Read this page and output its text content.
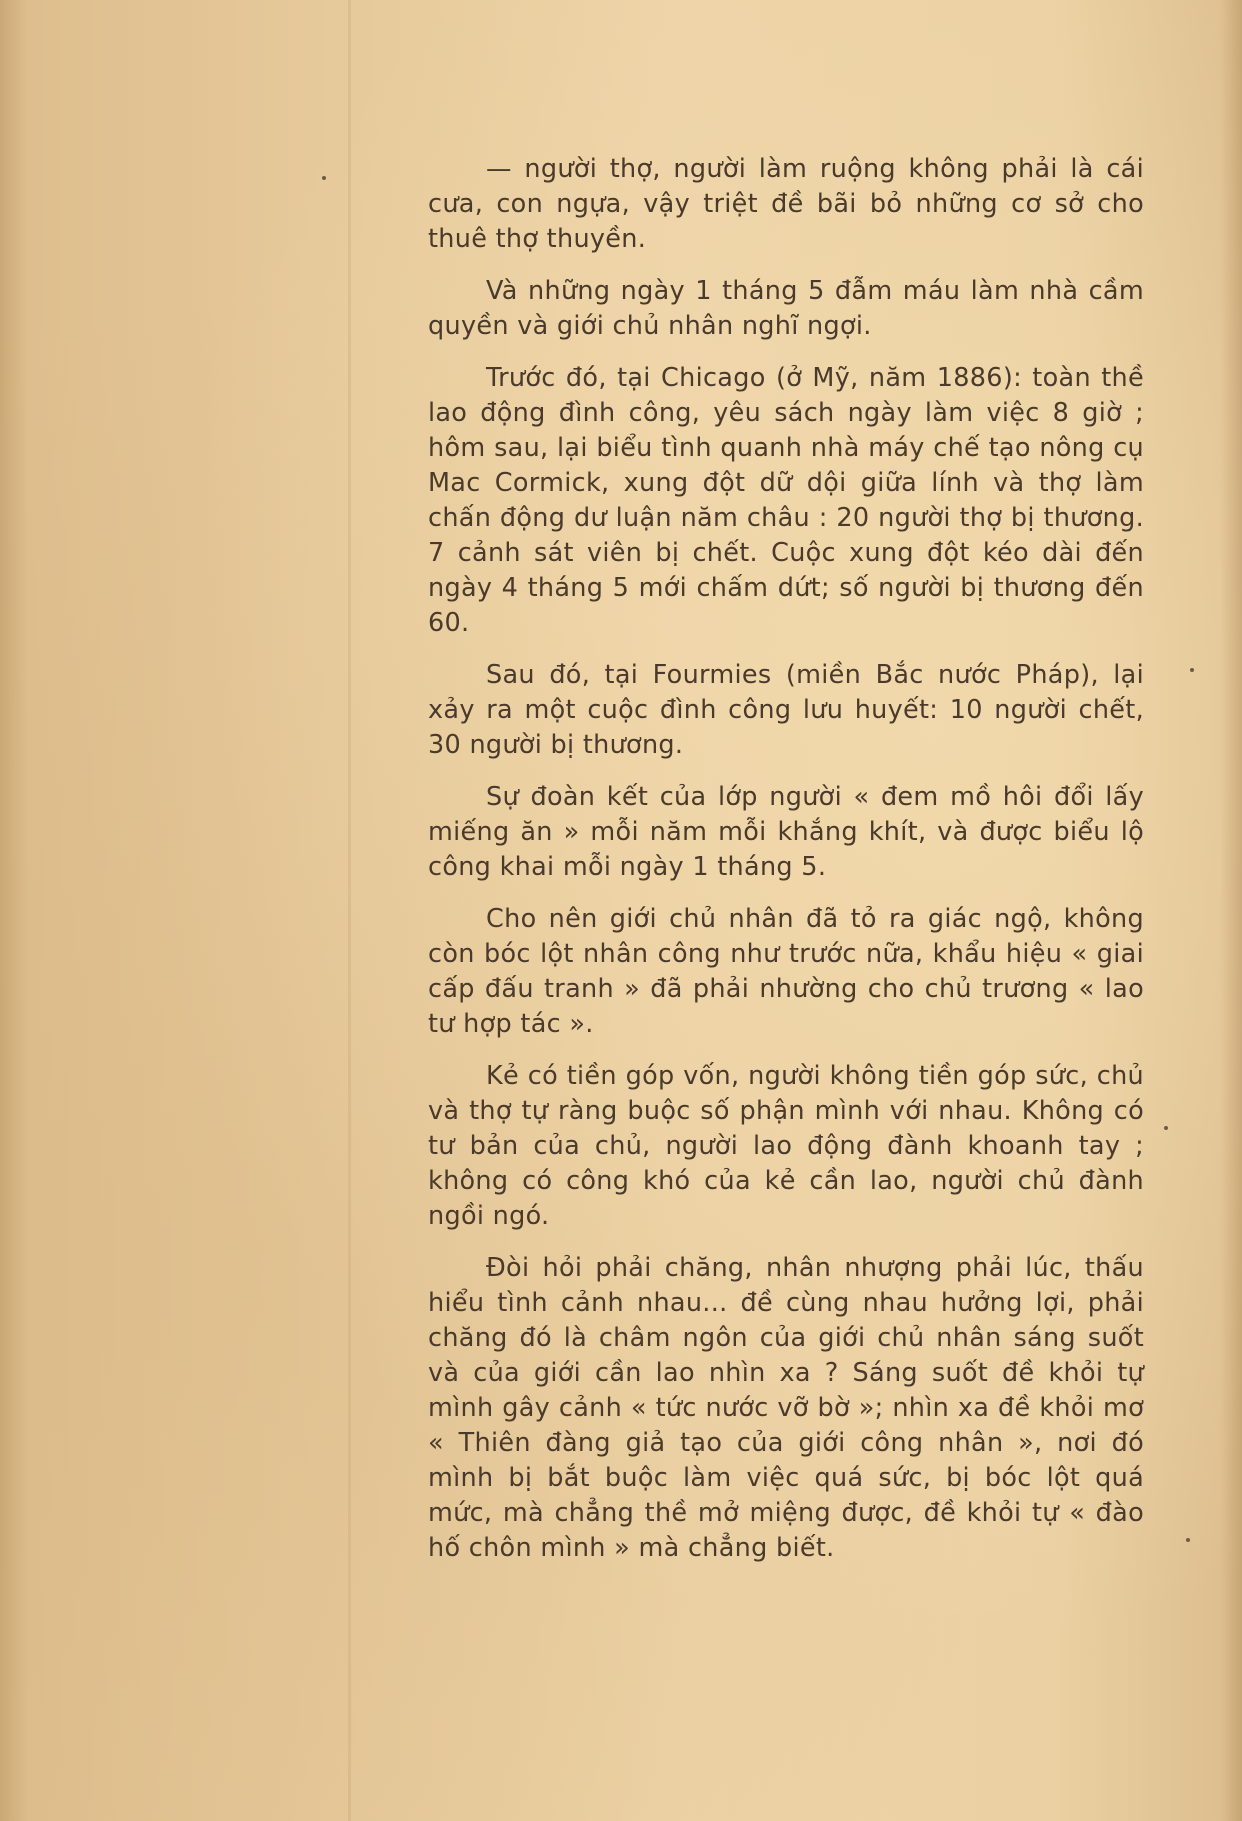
— người thợ, người làm ruộng không phải là cái cưa, con ngựa, vậy triệt đề bãi bỏ những cơ sở cho thuê thợ thuyền.

Và những ngày 1 tháng 5 đẫm máu làm nhà cầm quyền và giới chủ nhân nghĩ ngợi.

Trước đó, tại Chicago (ở Mỹ, năm 1886): toàn thề lao động đình công, yêu sách ngày làm việc 8 giờ ; hôm sau, lại biểu tình quanh nhà máy chế tạo nông cụ Mac Cormick, xung đột dữ dội giữa lính và thợ làm chấn động dư luận năm châu : 20 người thợ bị thương. 7 cảnh sát viên bị chết. Cuộc xung đột kéo dài đến ngày 4 tháng 5 mới chấm dứt; số người bị thương đến 60.

Sau đó, tại Fourmies (miền Bắc nước Pháp), lại xảy ra một cuộc đình công lưu huyết: 10 người chết, 30 người bị thương.

Sự đoàn kết của lớp người « đem mồ hôi đổi lấy miếng ăn » mỗi năm mỗi khắng khít, và được biểu lộ công khai mỗi ngày 1 tháng 5.

Cho nên giới chủ nhân đã tỏ ra giác ngộ, không còn bóc lột nhân công như trước nữa, khẩu hiệu « giai cấp đấu tranh » đã phải nhường cho chủ trương « lao tư hợp tác ».

Kẻ có tiền góp vốn, người không tiền góp sức, chủ và thợ tự ràng buộc số phận mình với nhau. Không có tư bản của chủ, người lao động đành khoanh tay ; không có công khó của kẻ cần lao, người chủ đành ngồi ngó.

Đòi hỏi phải chăng, nhân nhượng phải lúc, thấu hiểu tình cảnh nhau... đề cùng nhau hưởng lợi, phải chăng đó là châm ngôn của giới chủ nhân sáng suốt và của giới cần lao nhìn xa ? Sáng suốt đề khỏi tự mình gây cảnh « tức nước vỡ bờ »; nhìn xa đề khỏi mơ « Thiên đàng giả tạo của giới công nhân », nơi đó mình bị bắt buộc làm việc quá sức, bị bóc lột quá mức, mà chẳng thề mở miệng được, đề khỏi tự « đào hố chôn mình » mà chẳng biết.
